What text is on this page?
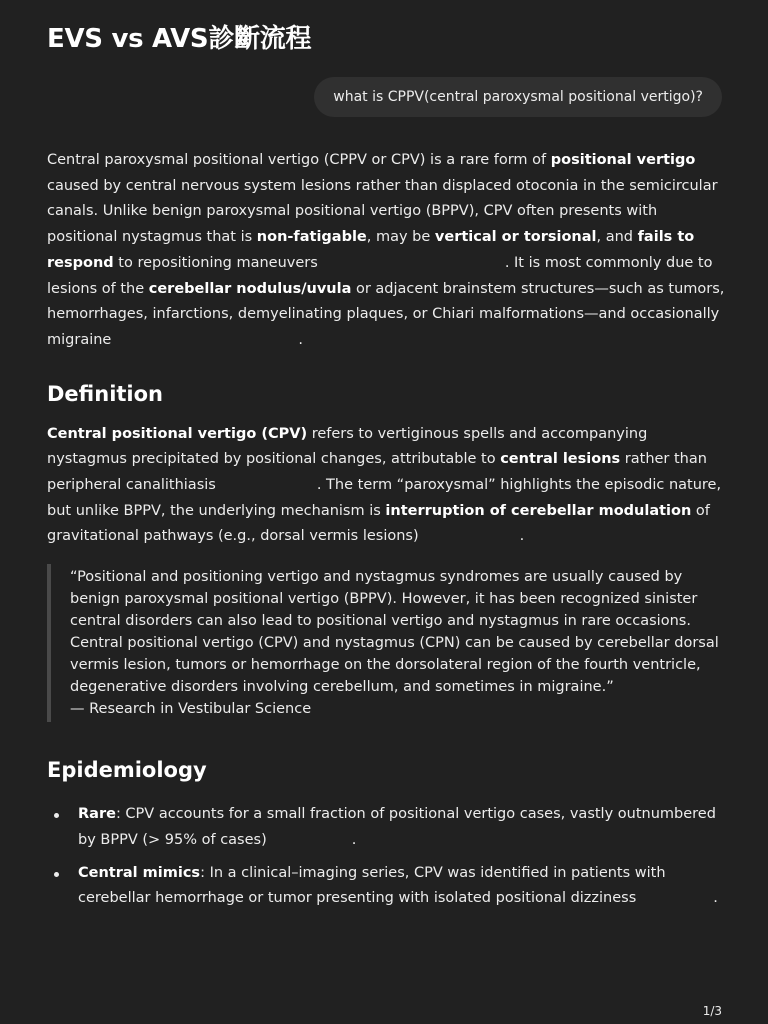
EVS vs AVS診斷流程
what is CPPV(central paroxysmal positional vertigo)?

Central paroxysmal positional vertigo (CPPV or CPV) is a rare form of positional vertigo caused by central nervous system lesions rather than displaced otoconia in the semicircular canals. Unlike benign paroxysmal positional vertigo (BPPV), CPV often presents with positional nystagmus that is non-fatigable, may be vertical or torsional, and fails to respond to repositioning maneuvers	. It is most commonly due to lesions of the cerebellar nodulus/uvula or adjacent brainstem structures—such as tumors, hemorrhages, infarctions, demyelinating plaques, or Chiari malformations—and occasionally migraine	.

Definition

Central positional vertigo (CPV) refers to vertiginous spells and accompanying nystagmus precipitated by positional changes, attributable to central lesions rather than peripheral canalithiasis	. The term “paroxysmal” highlights the episodic nature, but unlike BPPV, the underlying mechanism is interruption of cerebellar modulation of gravitational pathways (e.g., dorsal vermis lesions)	.

“Positional and positioning vertigo and nystagmus syndromes are usually caused by benign paroxysmal positional vertigo (BPPV). However, it has been recognized sinister central disorders can also lead to positional vertigo and nystagmus in rare occasions. Central positional vertigo (CPV) and nystagmus (CPN) can be caused by cerebellar dorsal vermis lesion, tumors or hemorrhage on the dorsolateral region of the fourth ventricle, degenerative disorders involving cerebellum, and sometimes in migraine.”
— Research in Vestibular Science
Epidemiology
Rare: CPV accounts for a small fraction of positional vertigo cases, vastly outnumbered by BPPV (> 95% of cases)	.
Central mimics: In a clinical–imaging series, CPV was identified in patients with cerebellar hemorrhage or tumor presenting with isolated positional dizziness	.
1/3
